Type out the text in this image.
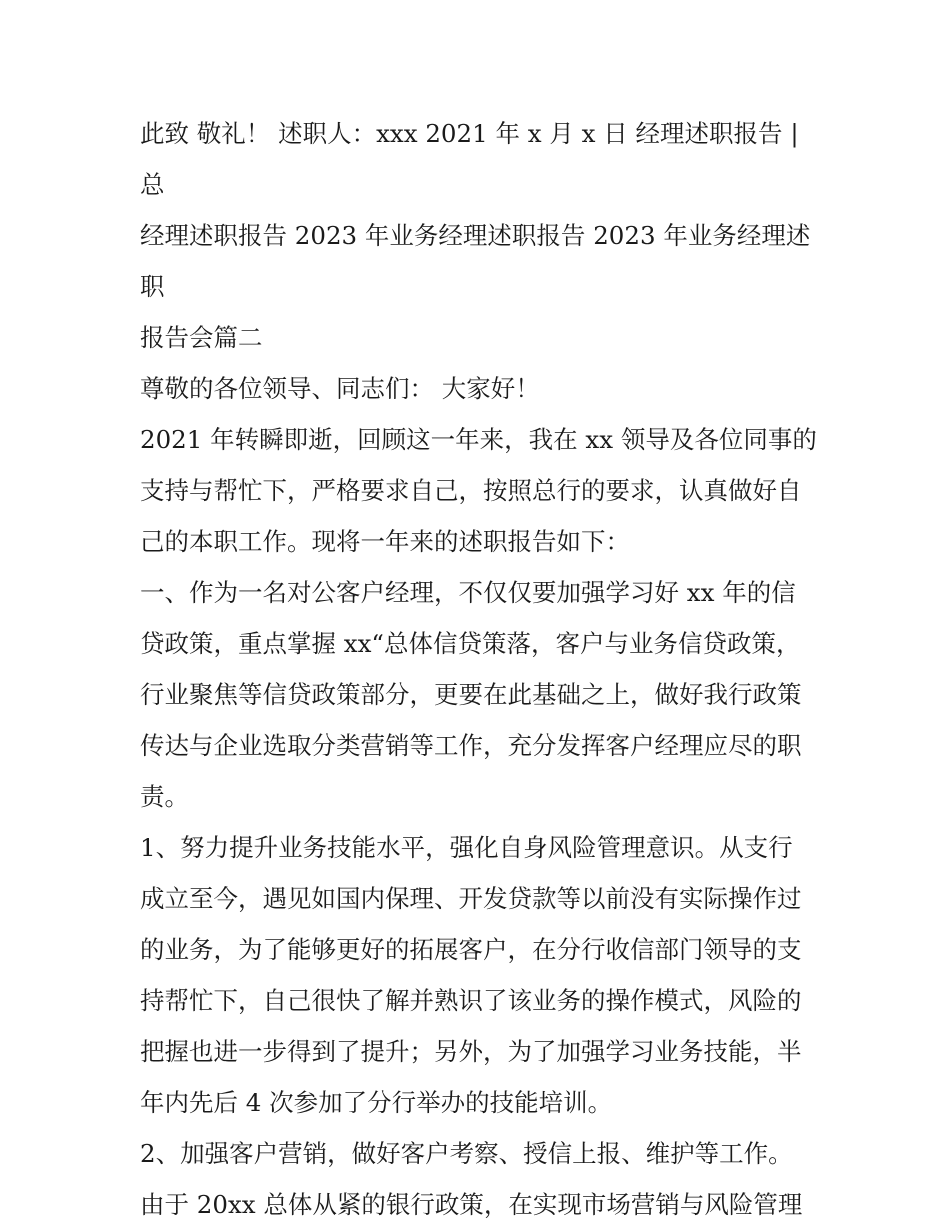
此致 敬礼！ 述职人：xxx 2021 年 x 月 x 日 经理述职报告 | 总

经理述职报告 2023 年业务经理述职报告 2023 年业务经理述职

报告会篇二

尊敬的各位领导、同志们： 大家好！

2021 年转瞬即逝，回顾这一年来，我在 xx 领导及各位同事的

支持与帮忙下，严格要求自己，按照总行的要求，认真做好自

己的本职工作。现将一年来的述职报告如下：

一、作为一名对公客户经理，不仅仅要加强学习好 xx 年的信

贷政策，重点掌握 xx“总体信贷策落，客户与业务信贷政策，

行业聚焦等信贷政策部分，更要在此基础之上，做好我行政策

传达与企业选取分类营销等工作，充分发挥客户经理应尽的职

责。

1、努力提升业务技能水平，强化自身风险管理意识。从支行

成立至今，遇见如国内保理、开发贷款等以前没有实际操作过

的业务，为了能够更好的拓展客户，在分行收信部门领导的支

持帮忙下，自己很快了解并熟识了该业务的操作模式，风险的

把握也进一步得到了提升；另外，为了加强学习业务技能，半

年内先后 4 次参加了分行举办的技能培训。

2、加强客户营销，做好客户考察、授信上报、维护等工作。

由于 20xx 总体从紧的银行政策，在实现市场营销与风险管理
